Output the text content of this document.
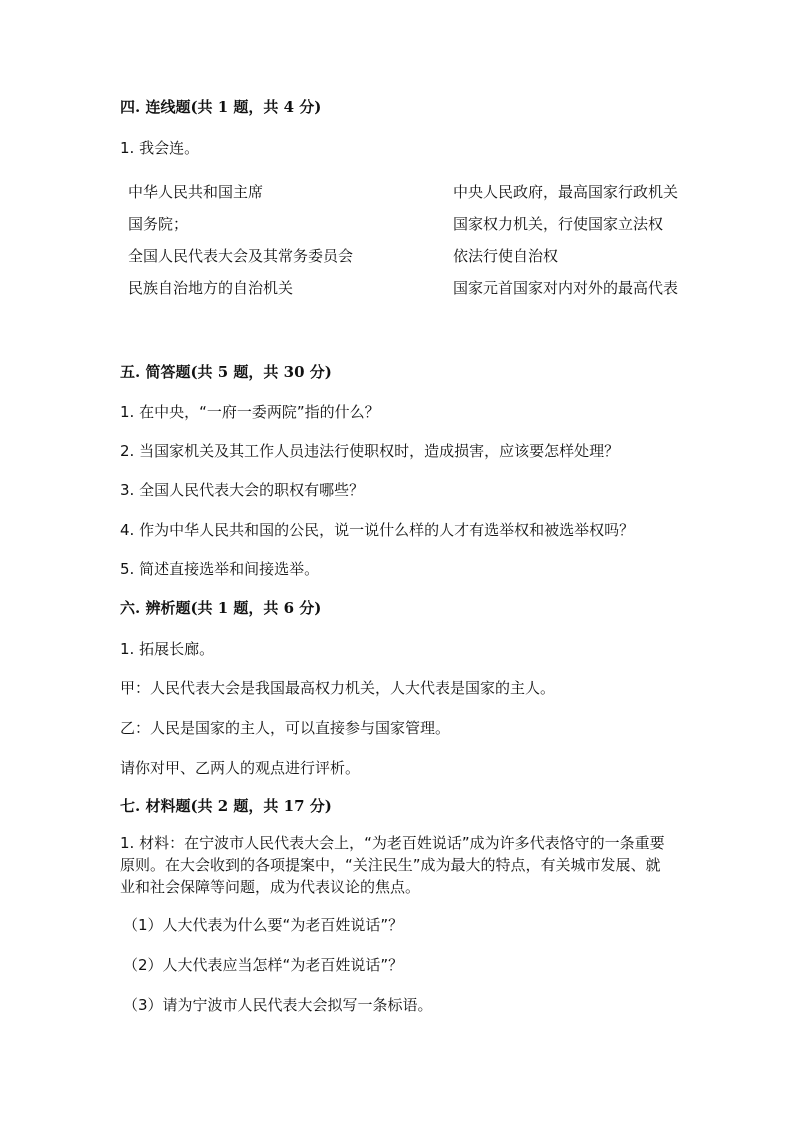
四. 连线题(共 1 题，共 4 分)
1. 我会连。
中华人民共和国主席
国务院；
全国人民代表大会及其常务委员会
民族自治地方的自治机关
中央人民政府，最高国家行政机关
国家权力机关，行使国家立法权
依法行使自治权
国家元首国家对内对外的最高代表
五. 简答题(共 5 题，共 30 分)
1. 在中央，“一府一委两院”指的什么？
2. 当国家机关及其工作人员违法行使职权时，造成损害，应该要怎样处理？
3. 全国人民代表大会的职权有哪些？
4. 作为中华人民共和国的公民，说一说什么样的人才有选举权和被选举权吗？
5. 简述直接选举和间接选举。
六. 辨析题(共 1 题，共 6 分)
1. 拓展长廊。
甲：人民代表大会是我国最高权力机关，人大代表是国家的主人。
乙：人民是国家的主人，可以直接参与国家管理。
请你对甲、乙两人的观点进行评析。
七. 材料题(共 2 题，共 17 分)
1. 材料：在宁波市人民代表大会上，“为老百姓说话”成为许多代表恪守的一条重要原则。在大会收到的各项提案中，“关注民生”成为最大的特点，有关城市发展、就业和社会保障等问题，成为代表议论的焦点。
（1）人大代表为什么要“为老百姓说话”？
（2）人大代表应当怎样“为老百姓说话”？
（3）请为宁波市人民代表大会拟写一条标语。
